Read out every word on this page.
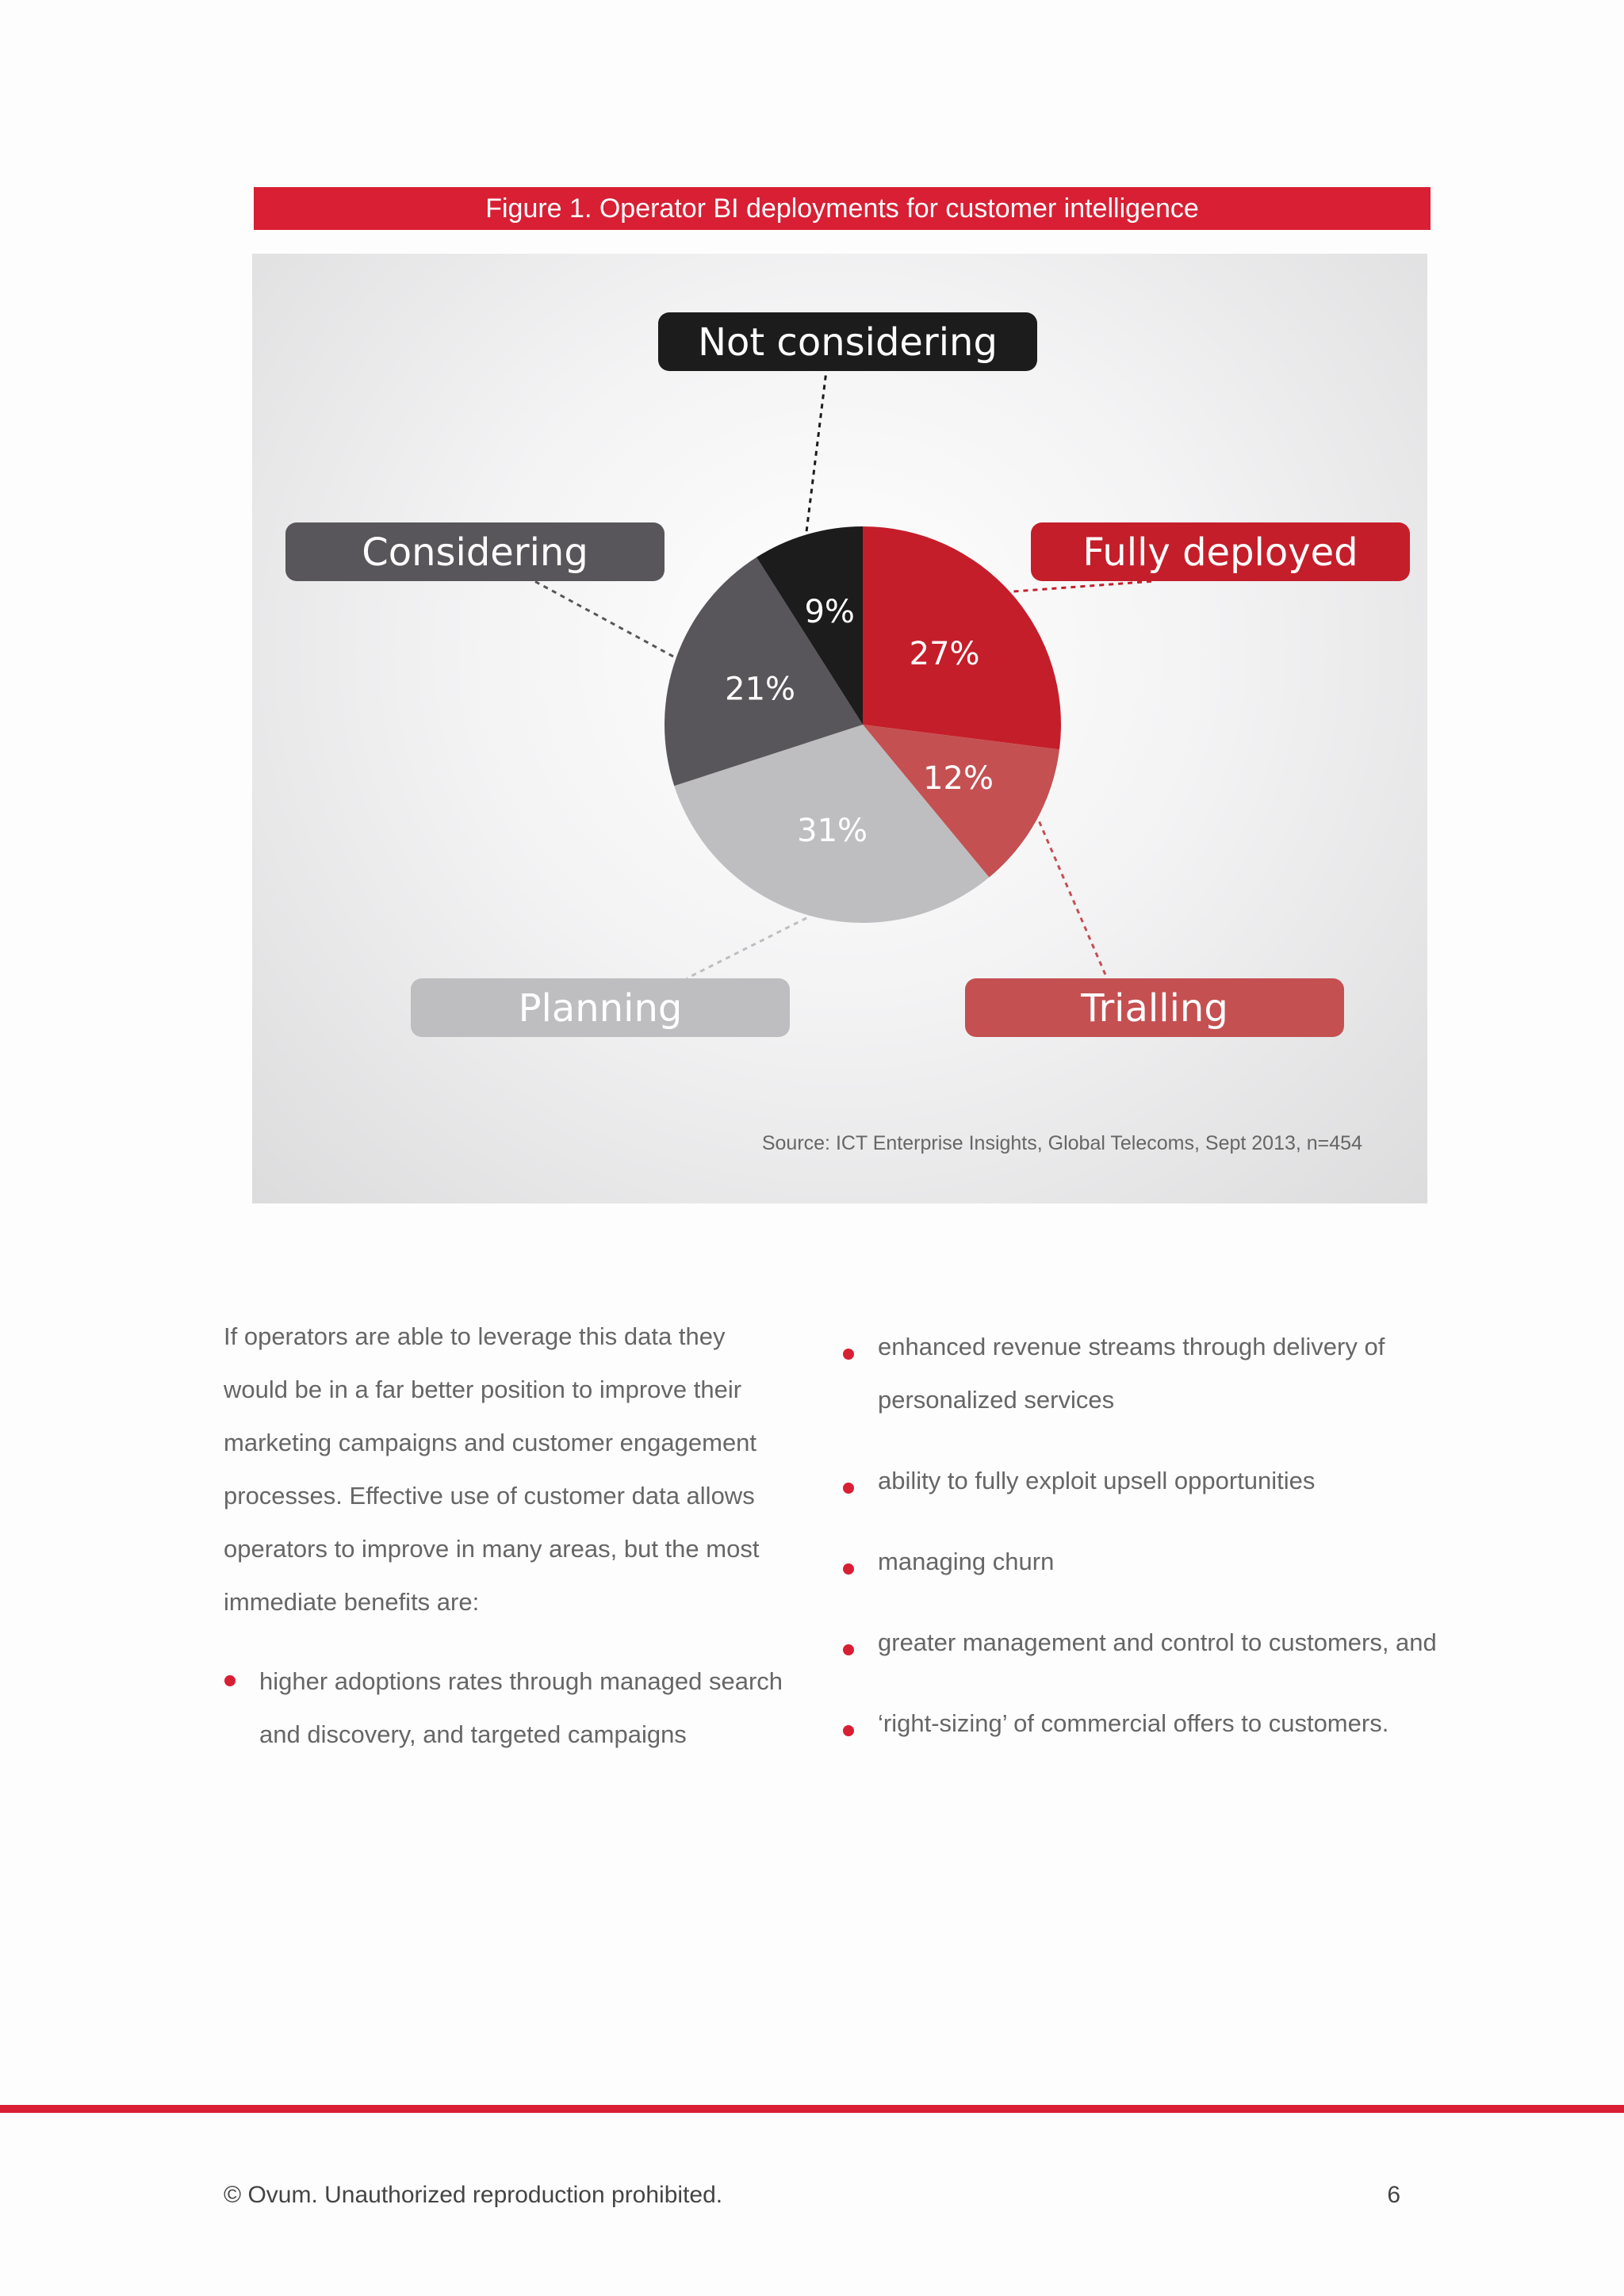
Figure 1. Operator BI deployments for customer intelligence
27%
Fully deployed
12%
Trialling
31%
Planning
21%
Considering
9%
Not considering
Source: ICT Enterprise Insights, Global Telecoms, Sept 2013, n=454

If operators are able to leverage this data they would be in a far better position to improve their marketing campaigns and customer engagement processes. Effective use of customer data allows operators to improve in many areas, but the most immediate benefits are:

higher adoptions rates through managed search and discovery, and targeted campaigns
enhanced revenue streams through delivery of personalized services
ability to fully exploit upsell opportunities
managing churn
greater management and control to customers, and
‘right-sizing’ of commercial offers to customers.
© Ovum. Unauthorized reproduction prohibited.	6
